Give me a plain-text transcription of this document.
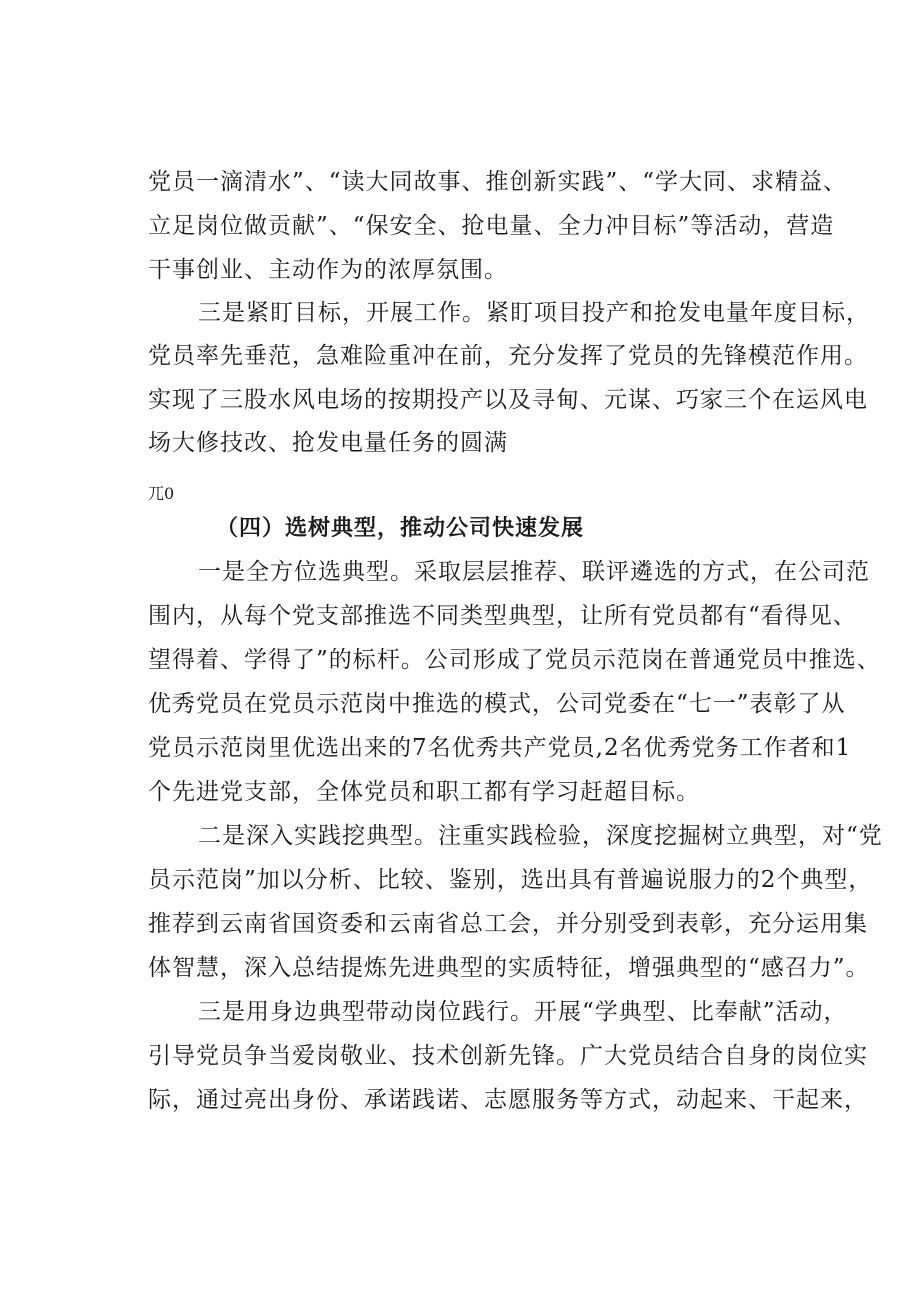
党员一滴清水”、“读大同故事、推创新实践”、“学大同、求精益、
立足岗位做贡献”、“保安全、抢电量、全力冲目标”等活动，营造
干事创业、主动作为的浓厚氛围。
三是紧盯目标，开展工作。紧盯项目投产和抢发电量年度目标，
党员率先垂范，急难险重冲在前，充分发挥了党员的先锋模范作用。
实现了三股水风电场的按期投产以及寻甸、元谋、巧家三个在运风电
场大修技改、抢发电量任务的圆满
兀0
（四）选树典型，推动公司快速发展
一是全方位选典型。采取层层推荐、联评遴选的方式，在公司范
围内，从每个党支部推选不同类型典型，让所有党员都有“看得见、
望得着、学得了”的标杆。公司形成了党员示范岗在普通党员中推选、
优秀党员在党员示范岗中推选的模式，公司党委在“七一”表彰了从
党员示范岗里优选出来的7名优秀共产党员,2名优秀党务工作者和1
个先进党支部，全体党员和职工都有学习赶超目标。
二是深入实践挖典型。注重实践检验，深度挖掘树立典型，对“党
员示范岗”加以分析、比较、鉴别，选出具有普遍说服力的2个典型，
推荐到云南省国资委和云南省总工会，并分别受到表彰，充分运用集
体智慧，深入总结提炼先进典型的实质特征，增强典型的“感召力”。
三是用身边典型带动岗位践行。开展“学典型、比奉献”活动，
引导党员争当爱岗敬业、技术创新先锋。广大党员结合自身的岗位实
际，通过亮出身份、承诺践诺、志愿服务等方式，动起来、干起来，
